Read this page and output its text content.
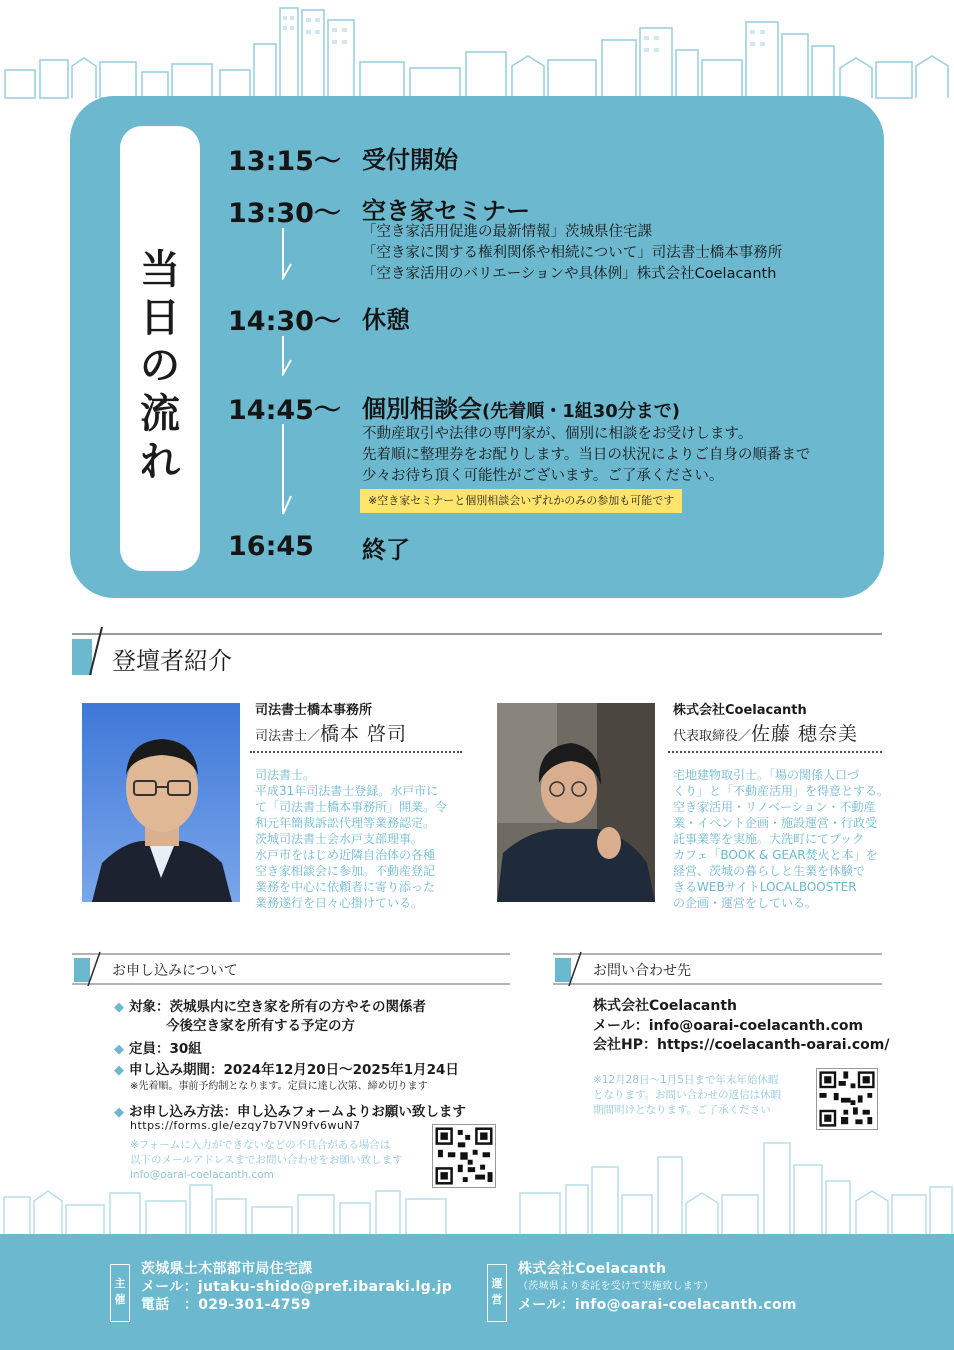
当
日
の
流
れ
13:15〜 受付開始
13:30〜 空き家セミナー
「空き家活用促進の最新情報」茨城県住宅課
「空き家に関する権利関係や相続について」司法書士橋本事務所
「空き家活用のバリエーションや具体例」株式会社Coelacanth
14:30〜 休憩
14:45〜 個別相談会(先着順・1組30分まで)
不動産取引や法律の専門家が、個別に相談をお受けします。
先着順に整理券をお配りします。当日の状況によりご自身の順番まで
少々お待ち頂く可能性がございます。ご了承ください。
※空き家セミナーと個別相談会いずれかのみの参加も可能です
16:45 終了
登壇者紹介
司法書士橋本事務所
司法書士／橋本 啓司
司法書士。
平成31年司法書士登録。水戸市に
て「司法書士橋本事務所」開業。令
和元年簡裁訴訟代理等業務認定。
茨城司法書士会水戸支部理事。
水戸市をはじめ近隣自治体の各種
空き家相談会に参加。不動産登記
業務を中心に依頼者に寄り添った
業務遂行を日々心掛けている。
株式会社Coelacanth
代表取締役／佐藤 穂奈美
宅地建物取引士。「場の関係人口づ
くり」と「不動産活用」を得意とする。
空き家活用・リノベーション・不動産
業・イベント企画・施設運営・行政受
託事業等を実施。大洗町にてブック
カフェ「BOOK & GEAR焚火と本」を
経営、茨城の暮らしと生業を体験で
きるWEBサイトLOCALBOOSTER
の企画・運営をしている。
お申し込みについて
◆ 対象：茨城県内に空き家を所有の方やその関係者
今後空き家を所有する予定の方
◆ 定員：30組
◆ 申し込み期間：2024年12月20日〜2025年1月24日
※先着順。事前予約制となります。定員に達し次第、締め切ります
◆ お申し込み方法：申し込みフォームよりお願い致します
https://forms.gle/ezqy7b7VN9fv6wuN7
※フォームに入力ができないなどの不具合がある場合は
以下のメールアドレスまでお問い合わせをお願い致します
info@oarai-coelacanth.com
お問い合わせ先
株式会社Coelacanth
メール：info@oarai-coelacanth.com
会社HP：https://coelacanth-oarai.com/
※12月28日〜1月5日まで年末年始休暇
となります。お問い合わせの返信は休暇
期間明けとなります。ご了承ください
主
催
茨城県土木部都市局住宅課
メール：jutaku-shido@pref.ibaraki.lg.jp
電話　：029-301-4759
運
営
株式会社Coelacanth
（茨城県より委託を受けて実施致します）
メール：info@oarai-coelacanth.com
